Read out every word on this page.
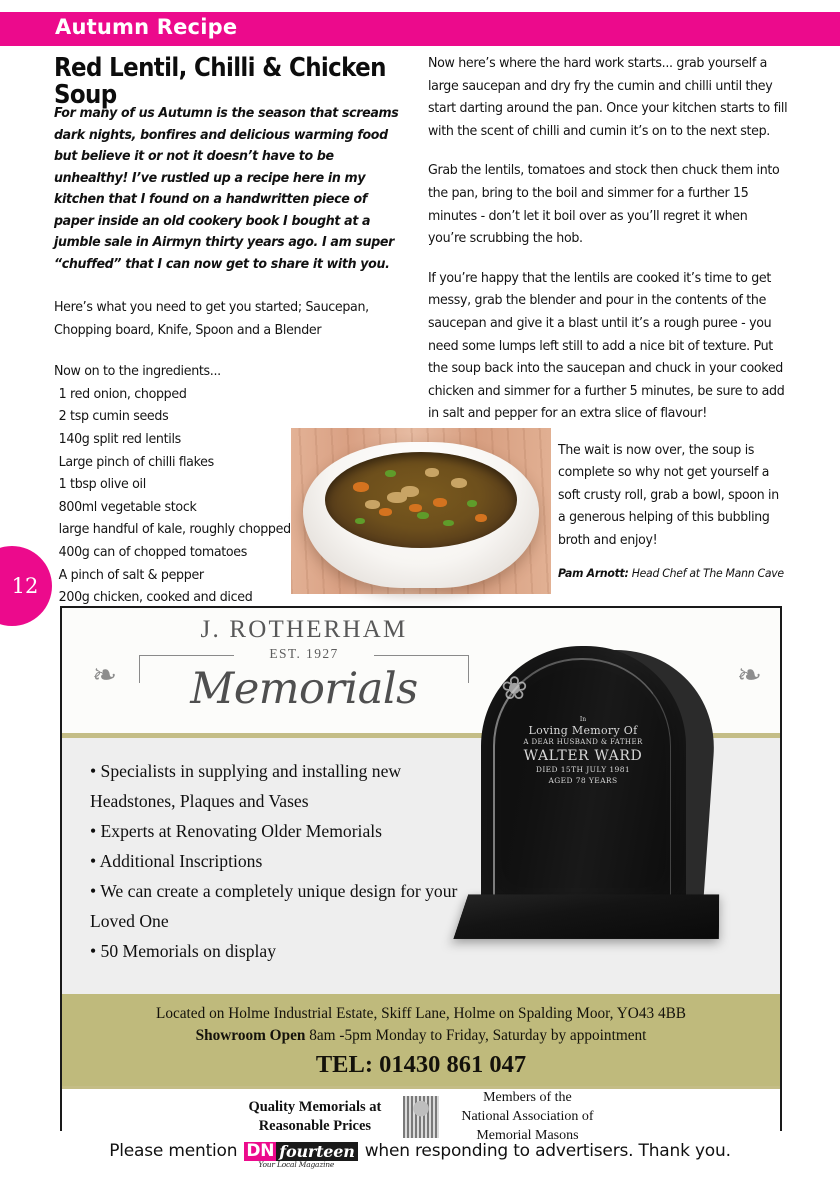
Autumn Recipe
Red Lentil, Chilli & Chicken Soup
For many of us Autumn is the season that screams dark nights, bonfires and delicious warming food but believe it or not it doesn’t have to be unhealthy! I’ve rustled up a recipe here in my kitchen that I found on a handwritten piece of paper inside an old cookery book I bought at a jumble sale in Airmyn thirty years ago. I am super “chuffed” that I can now get to share it with you.
Here’s what you need to get you started; Saucepan, Chopping board, Knife, Spoon and a Blender
Now on to the ingredients...
1 red onion, chopped
2 tsp cumin seeds
140g split red lentils
Large pinch of chilli flakes
1 tbsp olive oil
800ml vegetable stock
large handful of kale, roughly chopped
400g can of chopped tomatoes
A pinch of salt & pepper
200g chicken, cooked and diced
Now here’s where the hard work starts... grab yourself a large saucepan and dry fry the cumin and chilli until they start darting around the pan. Once your kitchen starts to fill with the scent of chilli and cumin it’s on to the next step.
Grab the lentils, tomatoes and stock then chuck them into the pan, bring to the boil and simmer for a further 15 minutes - don’t let it boil over as you’ll regret it when you’re scrubbing the hob.
If you’re happy that the lentils are cooked it’s time to get messy, grab the blender and pour in the contents of the saucepan and give it a blast until it’s a rough puree - you need some lumps left still to add a nice bit of texture. Put the soup back into the saucepan and chuck in your cooked chicken and simmer for a further 5 minutes, be sure to add in salt and pepper for an extra slice of flavour!
The wait is now over, the soup is complete so why not get yourself a soft crusty roll, grab a bowl, spoon in a generous helping of this bubbling broth and enjoy!
Pam Arnott: Head Chef at The Mann Cave
12
❧	❧
J. ROTHERHAM
EST. 1927
Memorials
• Specialists in supplying and installing new Headstones, Plaques and Vases
• Experts at Renovating Older Memorials
• Additional Inscriptions
• We can create a completely unique design for your Loved One
• 50 Memorials on display
❀
In
Loving Memory Of
A DEAR HUSBAND & FATHER
WALTER WARD
DIED 15TH JULY 1981
AGED 78 YEARS
Located on Holme Industrial Estate, Skiff Lane, Holme on Spalding Moor, YO43 4BB
Showroom Open 8am -5pm Monday to Friday, Saturday by appointment
TEL: 01430 861 047
Quality Memorials at
Reasonable Prices
Members of the
National Association of
Memorial Masons
Please mention DN fourteen
Your Local Magazine
when responding to advertisers. Thank you.
